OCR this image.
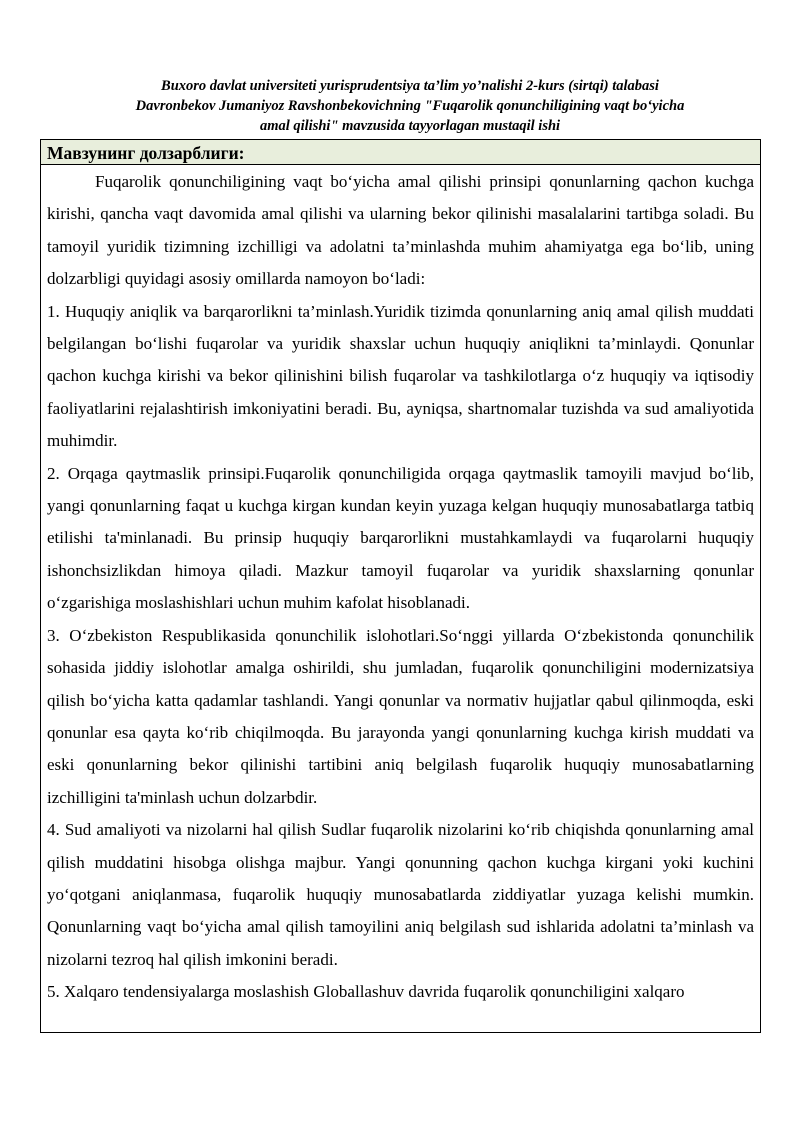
Buxoro davlat universiteti yurisprudentsiya ta’lim yo’nalishi 2-kurs (sirtqi) talabasi
Davronbekov Jumaniyoz Ravshonbekovichning "Fuqarolik qonunchiligining vaqt bo‘yicha
amal qilishi" mavzusida tayyorlagan mustaqil ishi
Мавзунинг долзарблиги:

Fuqarolik qonunchiligining vaqt bo‘yicha amal qilishi prinsipi qonunlarning qachon kuchga kirishi, qancha vaqt davomida amal qilishi va ularning bekor qilinishi masalalarini tartibga soladi. Bu tamoyil yuridik tizimning izchilligi va adolatni ta’minlashda muhim ahamiyatga ega bo‘lib, uning dolzarbligi quyidagi asosiy omillarda namoyon bo‘ladi:

1. Huquqiy aniqlik va barqarorlikni ta’minlash.Yuridik tizimda qonunlarning aniq amal qilish muddati belgilangan bo‘lishi fuqarolar va yuridik shaxslar uchun huquqiy aniqlikni ta’minlaydi. Qonunlar qachon kuchga kirishi va bekor qilinishini bilish fuqarolar va tashkilotlarga o‘z huquqiy va iqtisodiy faoliyatlarini rejalashtirish imkoniyatini beradi. Bu, ayniqsa, shartnomalar tuzishda va sud amaliyotida muhimdir.

2. Orqaga qaytmaslik prinsipi.Fuqarolik qonunchiligida orqaga qaytmaslik tamoyili mavjud bo‘lib, yangi qonunlarning faqat u kuchga kirgan kundan keyin yuzaga kelgan huquqiy munosabatlarga tatbiq etilishi ta'minlanadi. Bu prinsip huquqiy barqarorlikni mustahkamlaydi va fuqarolarni huquqiy ishonchsizlikdan himoya qiladi. Mazkur tamoyil fuqarolar va yuridik shaxslarning qonunlar o‘zgarishiga moslashishlari uchun muhim kafolat hisoblanadi.

3. O‘zbekiston Respublikasida qonunchilik islohotlari.So‘nggi yillarda O‘zbekistonda qonunchilik sohasida jiddiy islohotlar amalga oshirildi, shu jumladan, fuqarolik qonunchiligini modernizatsiya qilish bo‘yicha katta qadamlar tashlandi. Yangi qonunlar va normativ hujjatlar qabul qilinmoqda, eski qonunlar esa qayta ko‘rib chiqilmoqda. Bu jarayonda yangi qonunlarning kuchga kirish muddati va eski qonunlarning bekor qilinishi tartibini aniq belgilash fuqarolik huquqiy munosabatlarning izchilligini ta'minlash uchun dolzarbdir.

4. Sud amaliyoti va nizolarni hal qilish Sudlar fuqarolik nizolarini ko‘rib chiqishda qonunlarning amal qilish muddatini hisobga olishga majbur. Yangi qonunning qachon kuchga kirgani yoki kuchini yo‘qotgani aniqlanmasa, fuqarolik huquqiy munosabatlarda ziddiyatlar yuzaga kelishi mumkin. Qonunlarning vaqt bo‘yicha amal qilish tamoyilini aniq belgilash sud ishlarida adolatni ta’minlash va nizolarni tezroq hal qilish imkonini beradi.

5. Xalqaro tendensiyalarga moslashish Globallashuv davrida fuqarolik qonunchiligini xalqaro
